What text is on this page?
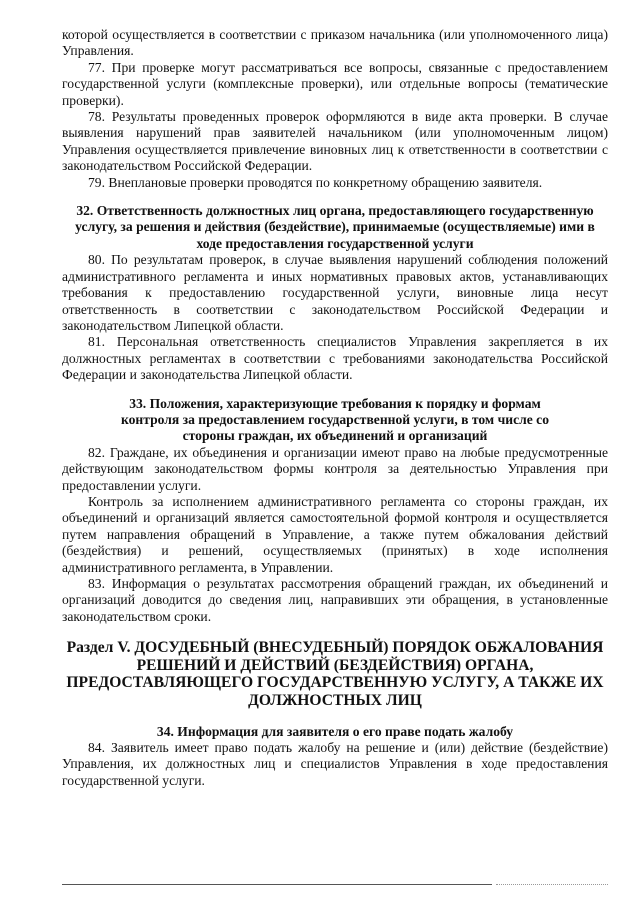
которой осуществляется в соответствии с приказом начальника (или уполномоченного лица) Управления.

77. При проверке могут рассматриваться все вопросы, связанные с предоставлением государственной услуги (комплексные проверки), или отдельные вопросы (тематические проверки).

78. Результаты проведенных проверок оформляются в виде акта проверки. В случае выявления нарушений прав заявителей начальником (или уполномоченным лицом) Управления осуществляется привлечение виновных лиц к ответственности в соответствии с законодательством Российской Федерации.

79. Внеплановые проверки проводятся по конкретному обращению заявителя.

32. Ответственность должностных лиц органа, предоставляющего государственную услугу, за решения и действия (бездействие), принимаемые (осуществляемые) ими в ходе предоставления государственной услуги

80. По результатам проверок, в случае выявления нарушений соблюдения положений административного регламента и иных нормативных правовых актов, устанавливающих требования к предоставлению государственной услуги, виновные лица несут ответственность в соответствии с законодательством Российской Федерации и законодательством Липецкой области.

81. Персональная ответственность специалистов Управления закрепляется в их должностных регламентах в соответствии с требованиями законодательства Российской Федерации и законодательства Липецкой области.

33. Положения, характеризующие требования к порядку и формам контроля за предоставлением государственной услуги, в том числе со стороны граждан, их объединений и организаций

82. Граждане, их объединения и организации имеют право на любые предусмотренные действующим законодательством формы контроля за деятельностью Управления при предоставлении услуги.

Контроль за исполнением административного регламента со стороны граждан, их объединений и организаций является самостоятельной формой контроля и осуществляется путем направления обращений в Управление, а также путем обжалования действий (бездействия) и решений, осуществляемых (принятых) в ходе исполнения административного регламента, в Управлении.

83. Информация о результатах рассмотрения обращений граждан, их объединений и организаций доводится до сведения лиц, направивших эти обращения, в установленные законодательством сроки.

Раздел V. ДОСУДЕБНЫЙ (ВНЕСУДЕБНЫЙ) ПОРЯДОК ОБЖАЛОВАНИЯ РЕШЕНИЙ И ДЕЙСТВИЙ (БЕЗДЕЙСТВИЯ) ОРГАНА, ПРЕДОСТАВЛЯЮЩЕГО ГОСУДАРСТВЕННУЮ УСЛУГУ, А ТАКЖЕ ИХ ДОЛЖНОСТНЫХ ЛИЦ
34. Информация для заявителя о его праве подать жалобу

84. Заявитель имеет право подать жалобу на решение и (или) действие (бездействие) Управления, их должностных лиц и специалистов Управления в ходе предоставления государственной услуги.
